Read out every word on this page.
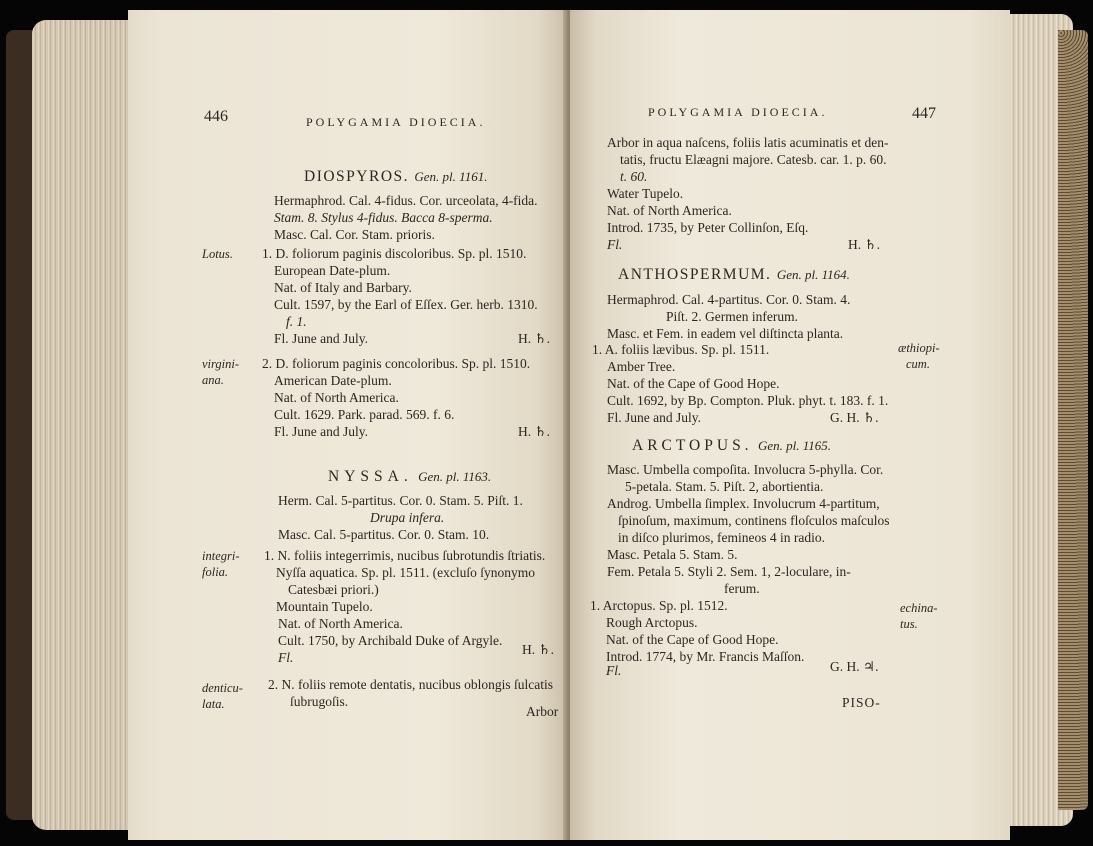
446	POLYGAMIA DIOECIA.
DIOSPYROS. Gen. pl. 1161.
Hermaphrod. Cal. 4-fidus. Cor. urceolata, 4-fida.
Stam. 8. Stylus 4-fidus. Bacca 8-sperma.
Masc. Cal. Cor. Stam. prioris.
Lotus. 1. D. foliorum paginis discoloribus. Sp. pl. 1510.
European Date-plum.
Nat. of Italy and Barbary.
Cult. 1597, by the Earl of Eſſex. Ger. herb. 1310.
f. 1.
Fl. June and July.	H. ♄.
virgini-
ana.
2. D. foliorum paginis concoloribus. Sp. pl. 1510.
American Date-plum.
Nat. of North America.
Cult. 1629. Park. parad. 569. f. 6.
Fl. June and July.	H. ♄.
NYSSA. Gen. pl. 1163.
Herm. Cal. 5-partitus. Cor. 0. Stam. 5. Piſt. 1.
Drupa infera.
Masc. Cal. 5-partitus. Cor. 0. Stam. 10.
integri-
folia.
1. N. foliis integerrimis, nucibus ſubrotundis ſtriatis.
Nyſſa aquatica. Sp. pl. 1511. (excluſo ſynonymo
Catesbæi priori.)
Mountain Tupelo.
Nat. of North America.
Cult. 1750, by Archibald Duke of Argyle.
Fl.
H. ♄.
denticu-
lata.
2. N. foliis remote dentatis, nucibus oblongis ſulcatis
ſubrugoſis.
Arbor
POLYGAMIA DIOECIA.	447
Arbor in aqua naſcens, foliis latis acuminatis et den-
tatis, fructu Elæagni majore. Catesb. car. 1. p. 60.
t. 60.
Water Tupelo.
Nat. of North America.
Introd. 1735, by Peter Collinſon, Eſq.
Fl.	H. ♄.
ANTHOSPERMUM. Gen. pl. 1164.
Hermaphrod. Cal. 4-partitus. Cor. 0. Stam. 4.
Piſt. 2. Germen inferum.
Masc. et Fem. in eadem vel diſtincta planta.
æthiopi-
cum.
1. A. foliis lævibus. Sp. pl. 1511.
Amber Tree.
Nat. of the Cape of Good Hope.
Cult. 1692, by Bp. Compton. Pluk. phyt. t. 183. f. 1.
Fl. June and July.	G. H. ♄.
ARCTOPUS. Gen. pl. 1165.
Masc. Umbella compoſita. Involucra 5-phylla. Cor.
5-petala. Stam. 5. Piſt. 2, abortientia.
Androg. Umbella ſimplex. Involucrum 4-partitum,
ſpinoſum, maximum, continens floſculos maſculos
in diſco plurimos, femineos 4 in radio.
Masc. Petala 5. Stam. 5.
Fem. Petala 5. Styli 2. Sem. 1, 2-loculare, in-
ferum.
echina-
tus.
1. Arctopus. Sp. pl. 1512.
Rough Arctopus.
Nat. of the Cape of Good Hope.
Introd. 1774, by Mr. Francis Maſſon.
Fl.	G. H. ♃.
PISO-
